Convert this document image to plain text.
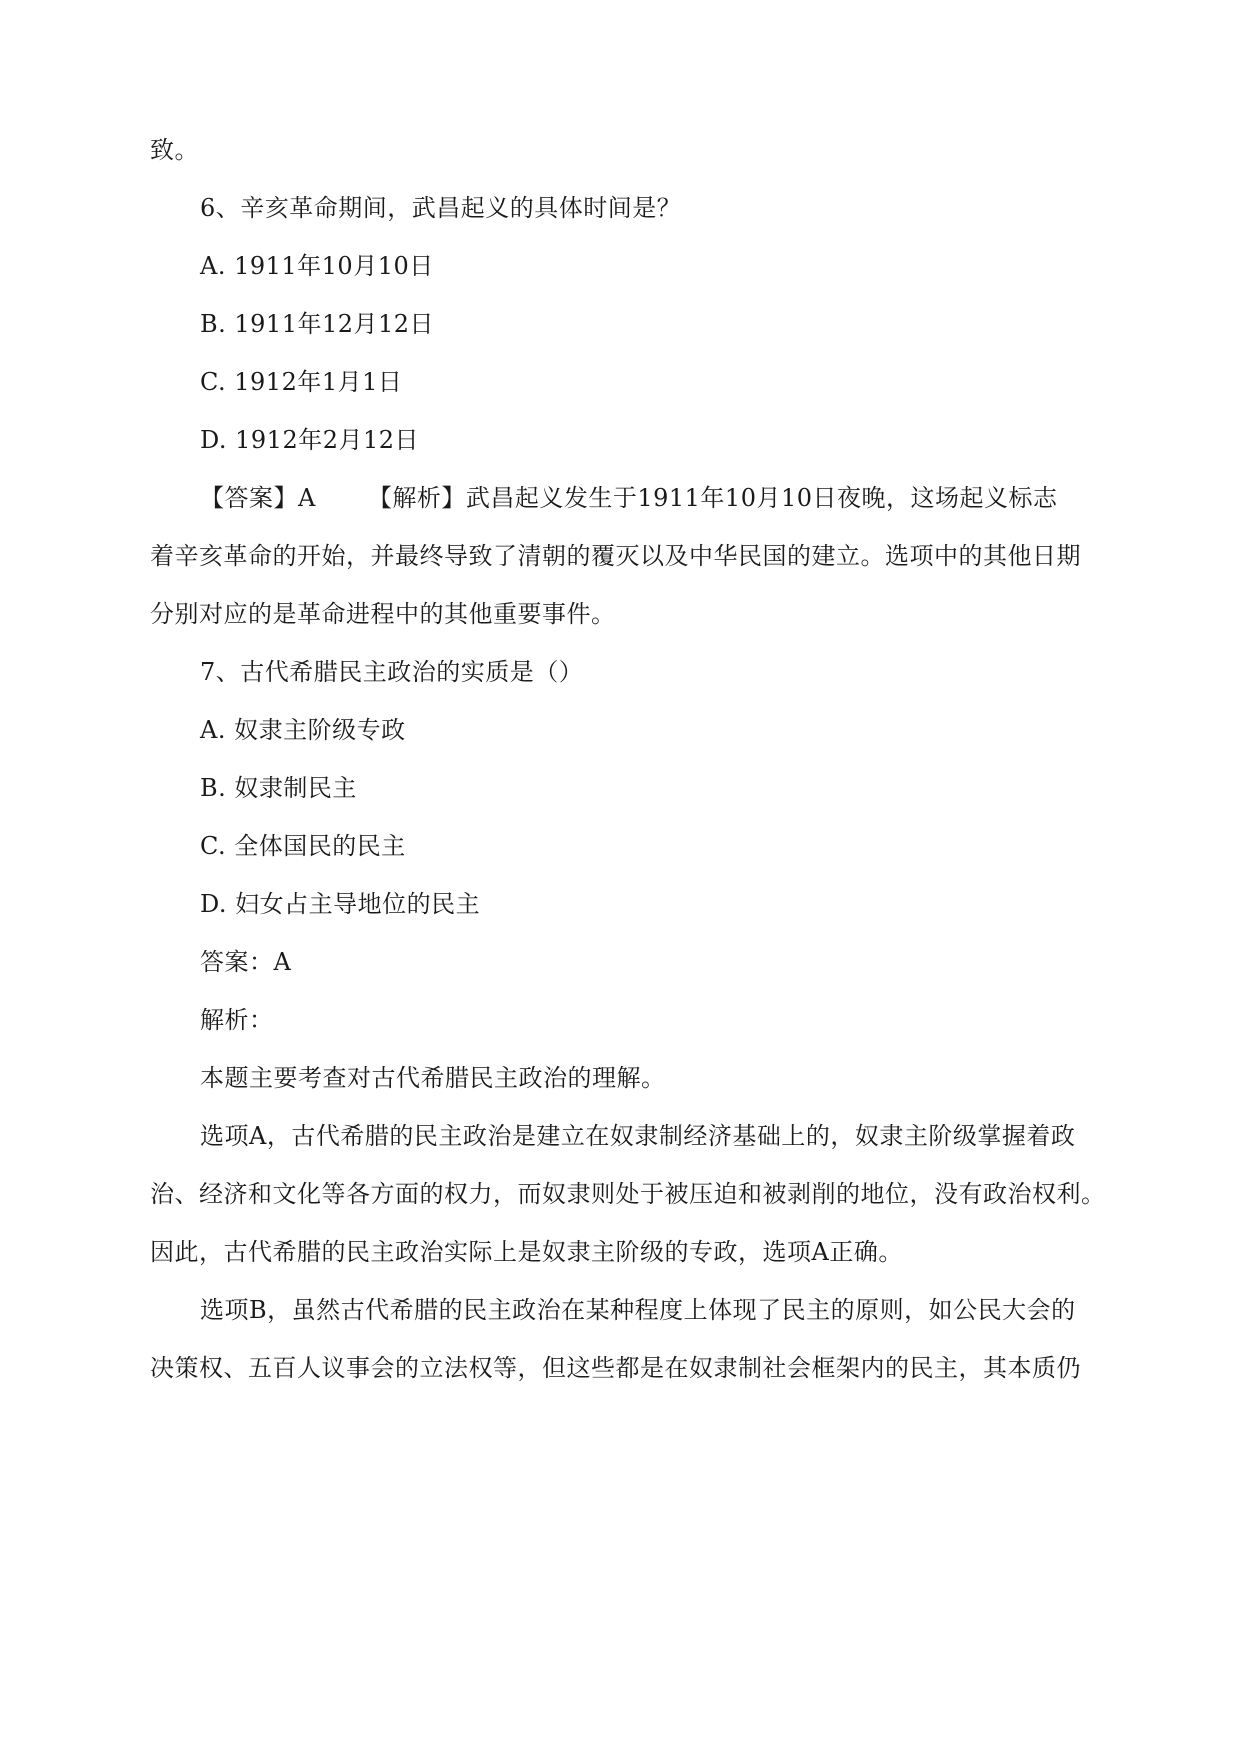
致。
6、辛亥革命期间，武昌起义的具体时间是？
A. 1911年10月10日
B. 1911年12月12日
C. 1912年1月1日
D. 1912年2月12日
【答案】A 【解析】武昌起义发生于1911年10月10日夜晚，这场起义标志
着辛亥革命的开始，并最终导致了清朝的覆灭以及中华民国的建立。选项中的其他日期
分别对应的是革命进程中的其他重要事件。
7、古代希腊民主政治的实质是（）
A. 奴隶主阶级专政
B. 奴隶制民主
C. 全体国民的民主
D. 妇女占主导地位的民主
答案：A
解析：
本题主要考查对古代希腊民主政治的理解。
选项A，古代希腊的民主政治是建立在奴隶制经济基础上的，奴隶主阶级掌握着政
治、经济和文化等各方面的权力，而奴隶则处于被压迫和被剥削的地位，没有政治权利。
因此，古代希腊的民主政治实际上是奴隶主阶级的专政，选项A正确。
选项B，虽然古代希腊的民主政治在某种程度上体现了民主的原则，如公民大会的
决策权、五百人议事会的立法权等，但这些都是在奴隶制社会框架内的民主，其本质仍
